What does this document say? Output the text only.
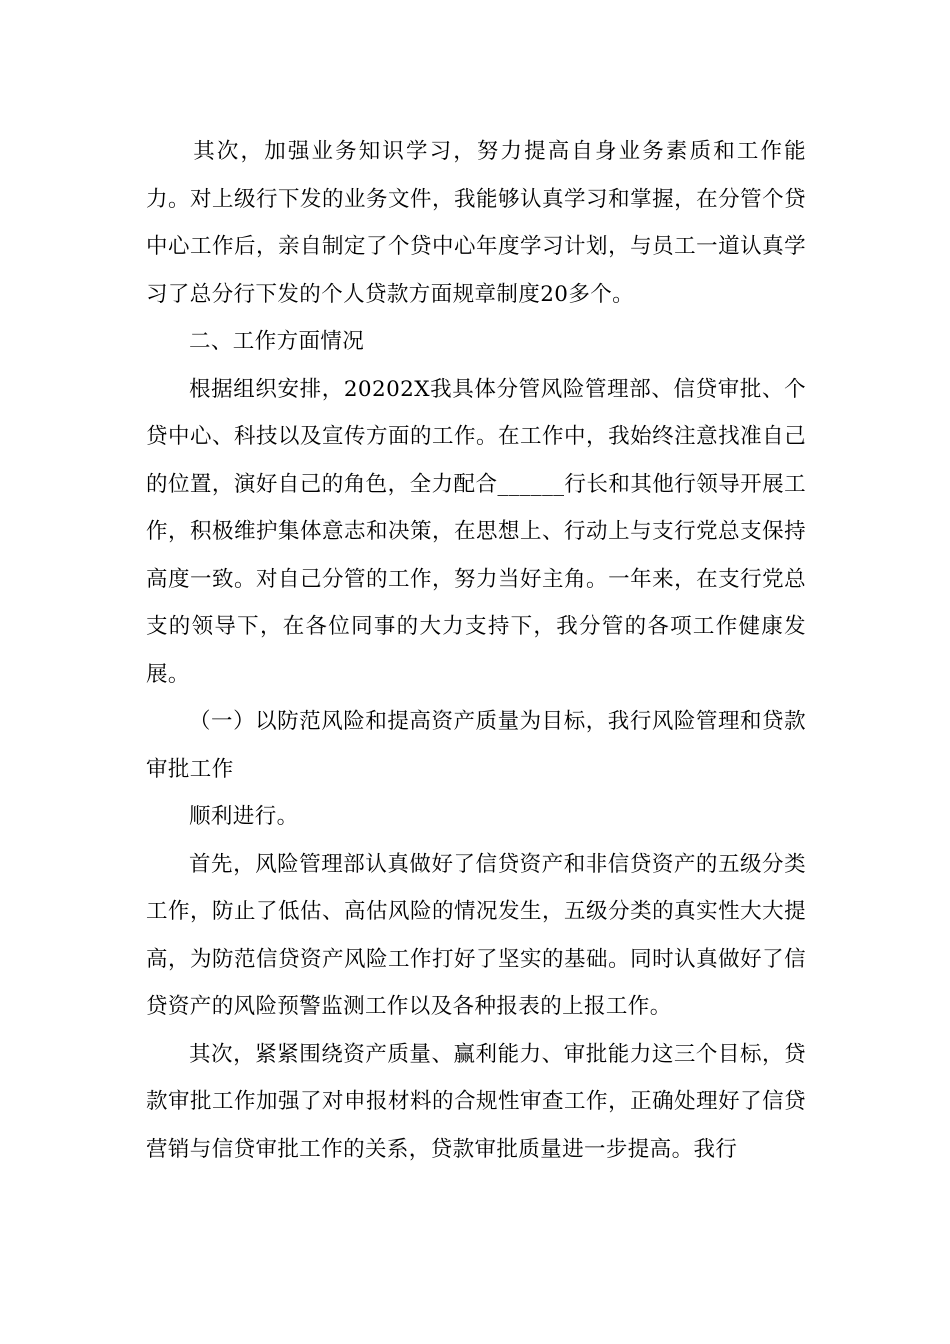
其次，加强业务知识学习，努力提高自身业务素质和工作能力。对上级行下发的业务文件，我能够认真学习和掌握，在分管个贷中心工作后，亲自制定了个贷中心年度学习计划，与员工一道认真学习了总分行下发的个人贷款方面规章制度20多个。

二、工作方面情况

根据组织安排，20202X我具体分管风险管理部、信贷审批、个贷中心、科技以及宣传方面的工作。在工作中，我始终注意找准自己的位置，演好自己的角色，全力配合______行长和其他行领导开展工作，积极维护集体意志和决策，在思想上、行动上与支行党总支保持高度一致。对自己分管的工作，努力当好主角。一年来，在支行党总支的领导下，在各位同事的大力支持下，我分管的各项工作健康发展。

（一）以防范风险和提高资产质量为目标，我行风险管理和贷款审批工作

顺利进行。

首先，风险管理部认真做好了信贷资产和非信贷资产的五级分类工作，防止了低估、高估风险的情况发生，五级分类的真实性大大提高，为防范信贷资产风险工作打好了坚实的基础。同时认真做好了信贷资产的风险预警监测工作以及各种报表的上报工作。

其次，紧紧围绕资产质量、赢利能力、审批能力这三个目标，贷款审批工作加强了对申报材料的合规性审查工作，正确处理好了信贷营销与信贷审批工作的关系，贷款审批质量进一步提高。我行
